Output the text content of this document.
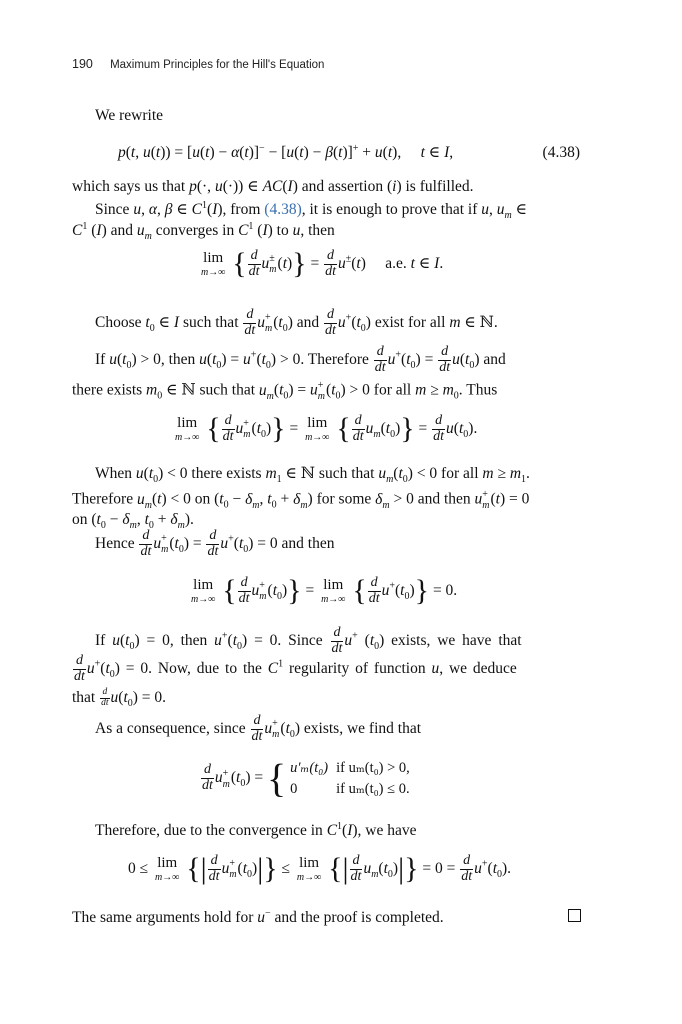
190 Maximum Principles for the Hill's Equation
We rewrite
p(t, u(t)) = [u(t) − α(t)]− − [u(t) − β(t)]+ + u(t),     t ∈ I,	(4.38)
which says us that p(·, u(·)) ∈ AC(I) and assertion (i) is fulfilled.
Since u, α, β ∈ $C^1(I)$, from (4.38), it is enough to prove that if u, $u_m$ ∈
$C^1$ (I) and $u_m$ converges in $C^1$ (I) to u, then
lim
m→∞ { $\frac{d}{dt}$ u ±
m $(t)\} = \frac{d}{dt} u^\pm(t)$     a.e. t ∈ I.
Choose $t_0$ ∈ I such that $\frac{d}{dt}$ u +
m $(t_0)$ and $\frac{d}{dt} u^+(t_0)$ exist for all m ∈ ℕ.
If $u(t_0) > 0$, then $u(t_0) = u^+(t_0) > 0$. Therefore $\frac{d}{dt} u^+(t_0) = \frac{d}{dt} u(t_0)$ and
there exists $m_0$ ∈ ℕ such that $u_m(t_0) = u$ +
m $(t_0) > 0$ for all $m \ge m_0$. Thus
lim
m→∞ { $\frac{d}{dt}$ u +
m $(t_0)\} = \lim$
m→∞ { $\frac{d}{dt} u_m(t_0)\} = \frac{d}{dt} u(t_0)$.
When $u(t_0) < 0$ there exists $m_1$ ∈ ℕ such that $u_m(t_0) < 0$ for all $m \ge m_1$.
Therefore $u_m(t) < 0$ on ($t_0 - \delta_m$, $t_0 + \delta_m$) for some $\delta_m > 0$ and then u +
m (t) = 0
on ($t_0 - \delta_m$, $t_0 + \delta_m$).
Hence $\frac{d}{dt}$ u +
m $(t_0) = \frac{d}{dt} u^+(t_0) = 0$ and then
lim
m→∞ { $\frac{d}{dt}$ u +
m $(t_0)\} = \lim$
m→∞ { $\frac{d}{dt} u^+(t_0)\} = 0$.
If $u(t_0) = 0$, then $u^+(t_0) = 0$. Since $\frac{d}{dt} u^+$ $(t_0)$ exists, we have that
$\frac{d}{dt} u^+(t_0) = 0$. Now, due to the $C^1$ regularity of function u, we deduce
that $\frac{d}{dt} u(t_0) = 0$.
As a consequence, since $\frac{d}{dt}$ u +
m $(t_0)$ exists, we find that
$\frac{d}{dt}$ u +
m $(t_0)$ = { u′ₘ(t₀)	if uₘ(t₀) > 0,
0	if uₘ(t₀) ≤ 0.
Therefore, due to the convergence in $C^1(I)$, we have
0 ≤ lim
m→∞ {| $\frac{d}{dt}$ u +
m $(t_0)|\} \le \lim$
m→∞ {| $\frac{d}{dt} u_m(t_0)|\} = 0 = \frac{d}{dt} u^+(t_0)$.
The same arguments hold for u− and the proof is completed.
